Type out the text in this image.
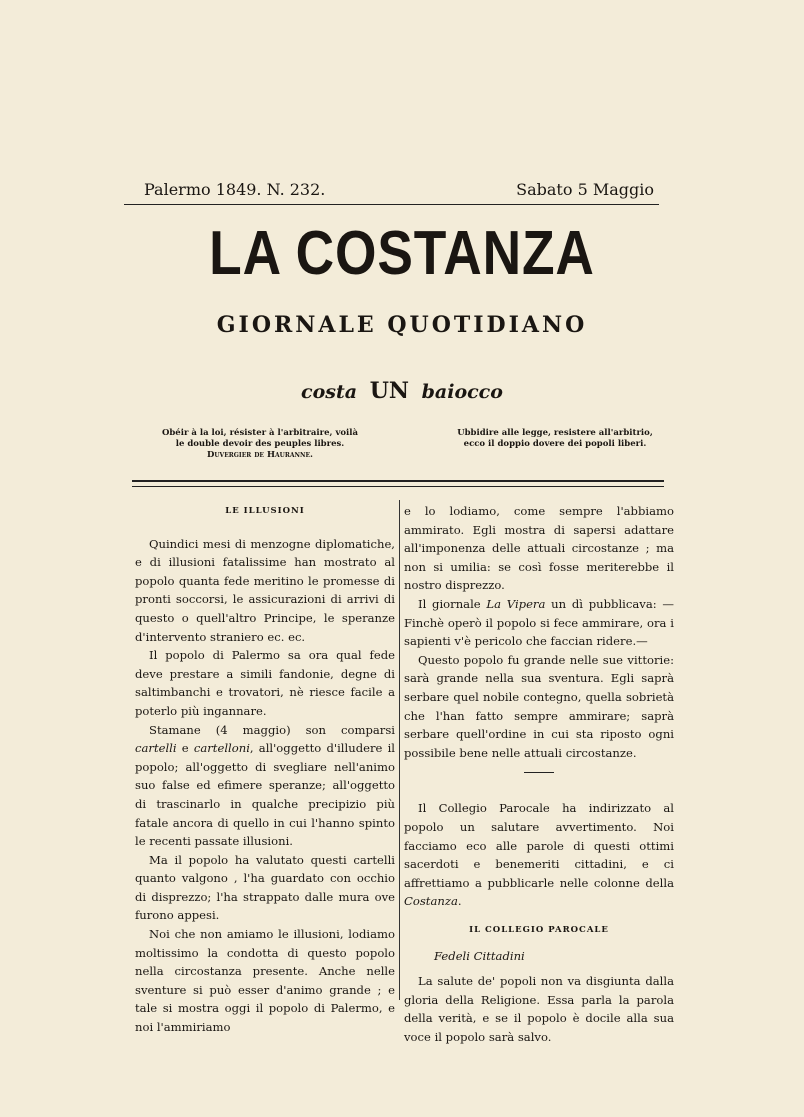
Palermo 1849. N. 232.	Sabato 5 Maggio
LA COSTANZA
GIORNALE QUOTIDIANO
costa UN baiocco
Obéir à la loi, résister à l'arbitraire, voilà
le double devoir des peuples libres.
Duvergier de Hauranne.
Ubbidire alle legge, resistere all'arbitrio,
ecco il doppio dovere dei popoli liberi.
LE ILLUSIONI

Quindici mesi di menzogne diplomatiche, e di illusioni fatalissime han mostrato al popolo quanta fede meritino le promesse di pronti soccorsi, le assicurazioni di arrivi di questo o quell'altro Principe, le speranze d'intervento straniero ec. ec.

Il popolo di Palermo sa ora qual fede deve prestare a simili fandonie, degne di saltimbanchi e trovatori, nè riesce facile a poterlo più ingannare.

Stamane (4 maggio) son comparsi cartelli e cartelloni, all'oggetto d'illudere il popolo; all'oggetto di svegliare nell'animo suo false ed efimere speranze; all'oggetto di trascinarlo in qualche precipizio più fatale ancora di quello in cui l'hanno spinto le recenti passate illusioni.

Ma il popolo ha valutato questi cartelli quanto valgono , l'ha guardato con occhio di disprezzo; l'ha strappato dalle mura ove furono appesi.

Noi che non amiamo le illusioni, lodiamo moltissimo la condotta di questo popolo nella circostanza presente. Anche nelle sventure si può esser d'animo grande ; e tale si mostra oggi il popolo di Palermo, e noi l'ammiriamo

e lo lodiamo, come sempre l'abbiamo ammirato. Egli mostra di sapersi adattare all'imponenza delle attuali circostanze ; ma non si umilia: se così fosse meriterebbe il nostro disprezzo.

Il giornale La Vipera un dì pubblicava: — Finchè operò il popolo si fece ammirare, ora i sapienti v'è pericolo che faccian ridere.—

Questo popolo fu grande nelle sue vittorie: sarà grande nella sua sventura. Egli saprà serbare quel nobile contegno, quella sobrietà che l'han fatto sempre ammirare; saprà serbare quell'ordine in cui sta riposto ogni possibile bene nelle attuali circostanze.

Il Collegio Parocale ha indirizzato al popolo un salutare avvertimento. Noi facciamo eco alle parole di questi ottimi sacerdoti e benemeriti cittadini, e ci affrettiamo a pubblicarle nelle colonne della Costanza.

IL COLLEGIO PAROCALE

Fedeli Cittadini

La salute de' popoli non va disgiunta dalla gloria della Religione. Essa parla la parola della verità, e se il popolo è docile alla sua voce il popolo sarà salvo.
